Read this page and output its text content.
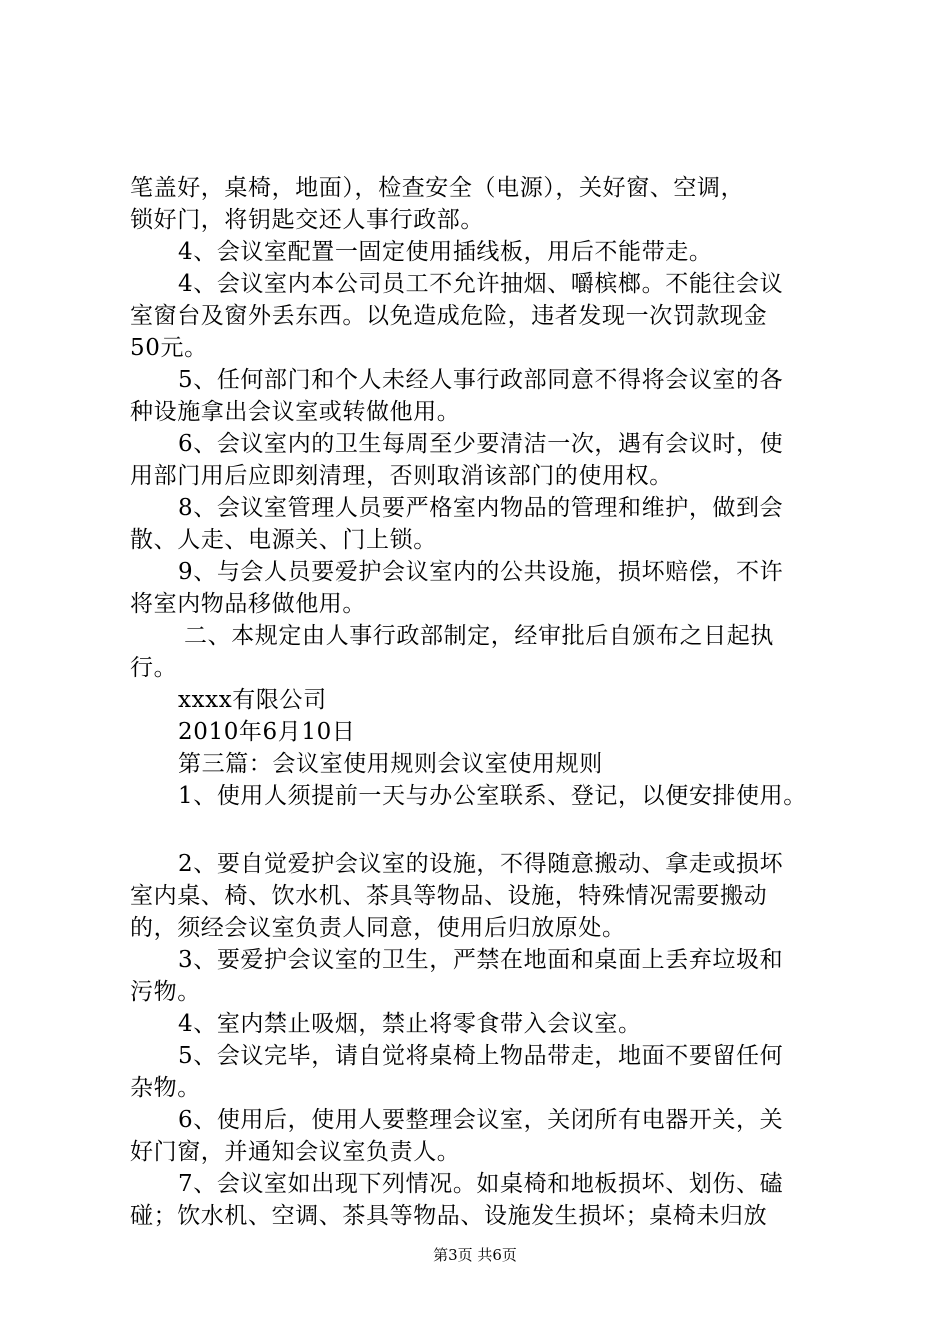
笔盖好，桌椅，地面），检查安全（电源），关好窗、空调，
锁好门，将钥匙交还人事行政部。
4、会议室配置一固定使用插线板，用后不能带走。
4、会议室内本公司员工不允许抽烟、嚼槟榔。不能往会议
室窗台及窗外丢东西。以免造成危险，违者发现一次罚款现金
50元。
5、任何部门和个人未经人事行政部同意不得将会议室的各
种设施拿出会议室或转做他用。
6、会议室内的卫生每周至少要清洁一次，遇有会议时，使
用部门用后应即刻清理，否则取消该部门的使用权。
8、会议室管理人员要严格室内物品的管理和维护，做到会
散、人走、电源关、门上锁。
9、与会人员要爱护会议室内的公共设施，损坏赔偿，不许
将室内物品移做他用。
二、本规定由人事行政部制定，经审批后自颁布之日起执
行。
xxxx有限公司
2010年6月10日
第三篇：会议室使用规则会议室使用规则
1、使用人须提前一天与办公室联系、登记，以便安排使用。
2、要自觉爱护会议室的设施，不得随意搬动、拿走或损坏
室内桌、椅、饮水机、茶具等物品、设施，特殊情况需要搬动
的，须经会议室负责人同意，使用后归放原处。
3、要爱护会议室的卫生，严禁在地面和桌面上丢弃垃圾和
污物。
4、室内禁止吸烟，禁止将零食带入会议室。
5、会议完毕，请自觉将桌椅上物品带走，地面不要留任何
杂物。
6、使用后，使用人要整理会议室，关闭所有电器开关，关
好门窗，并通知会议室负责人。
7、会议室如出现下列情况。如桌椅和地板损坏、划伤、磕
碰；饮水机、空调、茶具等物品、设施发生损坏；桌椅未归放
第3页 共6页
